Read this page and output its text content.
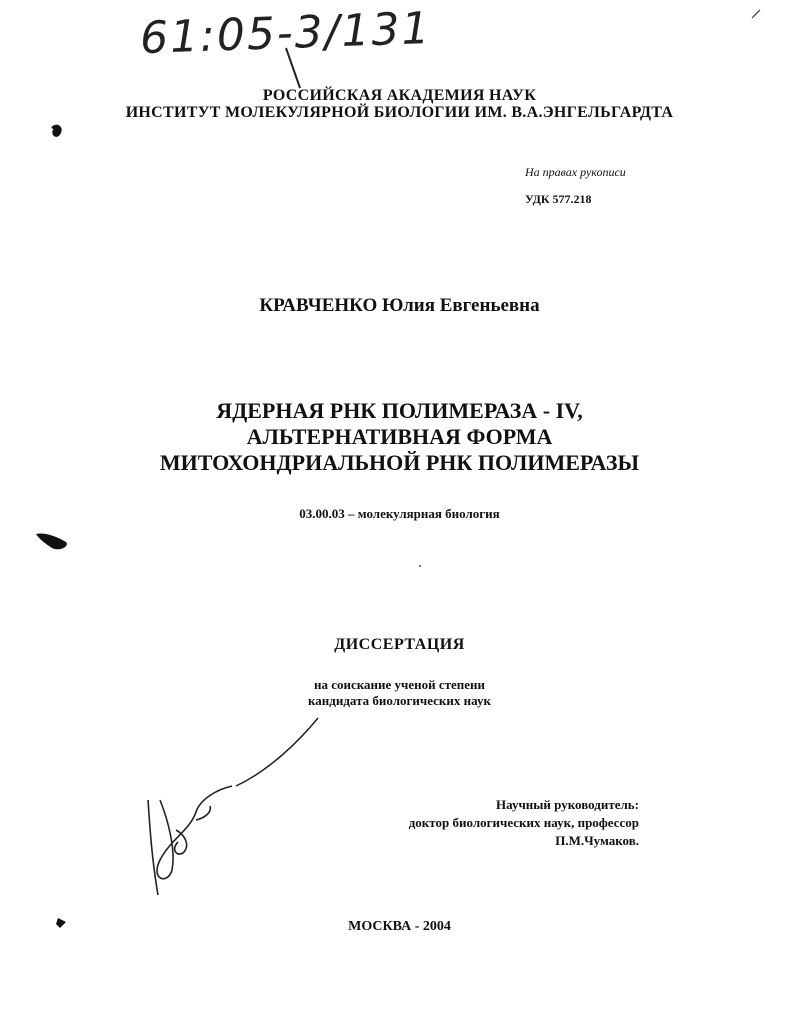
61:05-3/131
РОССИЙСКАЯ АКАДЕМИЯ НАУК
ИНСТИТУТ МОЛЕКУЛЯРНОЙ БИОЛОГИИ ИМ. В.А.ЭНГЕЛЬГАРДТА
На правах рукописи
УДК 577.218
КРАВЧЕНКО Юлия Евгеньевна
ЯДЕРНАЯ РНК ПОЛИМЕРАЗА - IV,
АЛЬТЕРНАТИВНАЯ ФОРМА
МИТОХОНДРИАЛЬНОЙ РНК ПОЛИМЕРАЗЫ
03.00.03 – молекулярная биология
ДИССЕРТАЦИЯ
на соискание ученой степени
кандидата биологических наук
Научный руководитель:
доктор биологических наук, профессор
П.М.Чумаков.
МОСКВА - 2004
